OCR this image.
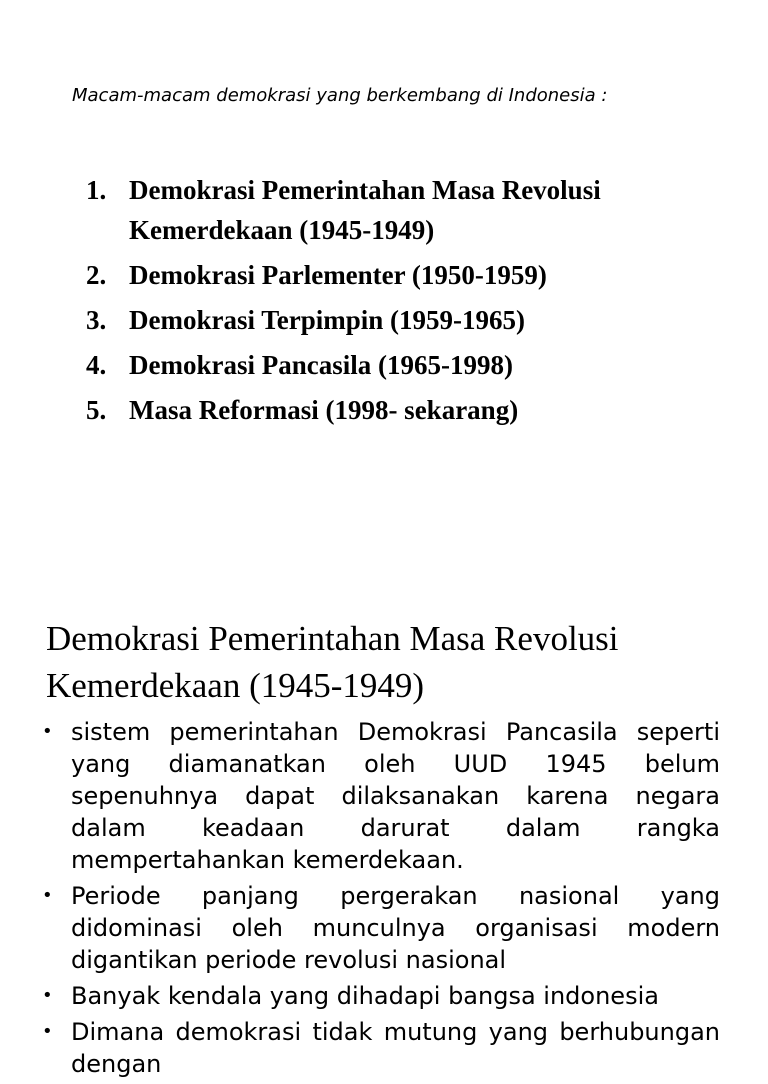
Macam-macam demokrasi yang berkembang di Indonesia :
1. Demokrasi Pemerintahan Masa Revolusi Kemerdekaan (1945-1949)
2. Demokrasi Parlementer (1950-1959)
3. Demokrasi Terpimpin (1959-1965)
4. Demokrasi Pancasila (1965-1998)
5. Masa Reformasi (1998- sekarang)
Demokrasi Pemerintahan Masa Revolusi Kemerdekaan (1945-1949)
• sistem pemerintahan Demokrasi Pancasila seperti yang diamanatkan oleh UUD 1945 belum sepenuhnya dapat dilaksanakan karena negara dalam keadaan darurat dalam rangka mempertahankan kemerdekaan.
• Periode panjang pergerakan nasional yang didominasi oleh munculnya organisasi modern digantikan periode revolusi nasional
• Banyak kendala yang dihadapi bangsa indonesia
• Dimana demokrasi tidak mutung yang berhubungan dengan
